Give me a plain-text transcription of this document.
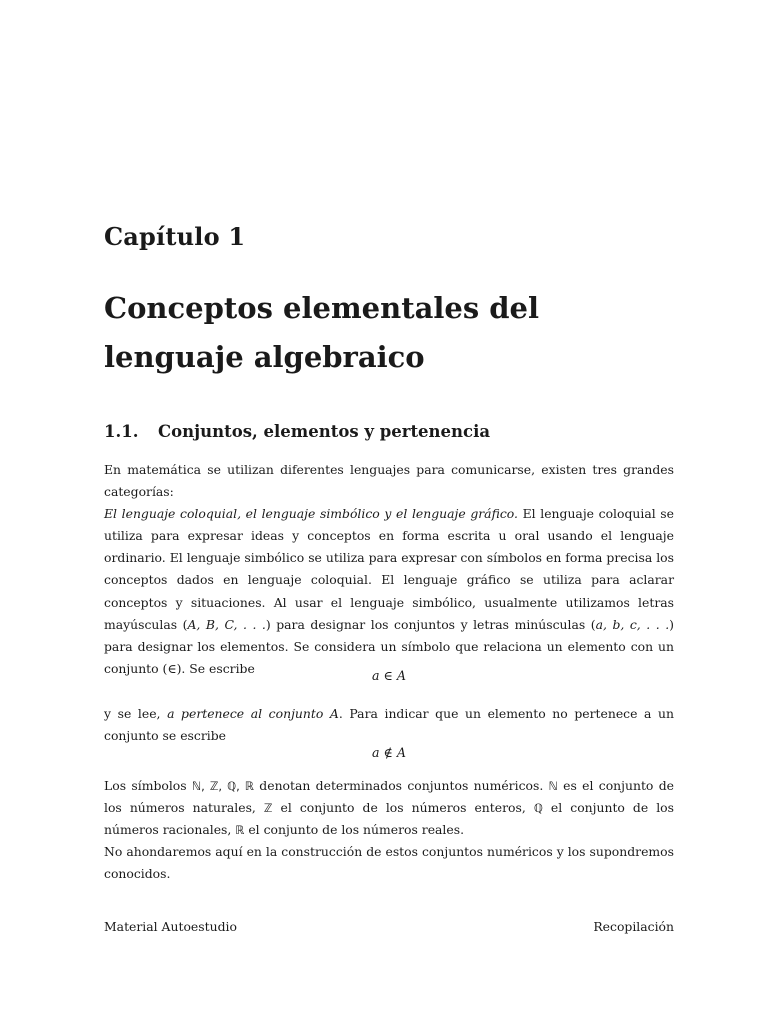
Capítulo 1
Conceptos elementales del lenguaje algebraico
1.1. Conjuntos, elementos y pertenencia

En matemática se utilizan diferentes lenguajes para comunicarse, existen tres grandes categorías:

El lenguaje coloquial, el lenguaje simbólico y el lenguaje gráfico. El lenguaje coloquial se utiliza para expresar ideas y conceptos en forma escrita u oral usando el lenguaje ordinario. El lenguaje simbólico se utiliza para expresar con símbolos en forma precisa los conceptos dados en lenguaje coloquial. El lenguaje gráfico se utiliza para aclarar conceptos y situaciones. Al usar el lenguaje simbólico, usualmente utilizamos letras mayúsculas (A, B, C, . . .) para designar los conjuntos y letras minúsculas (a, b, c, . . .) para designar los elementos. Se considera un símbolo que relaciona un elemento con un conjunto (∈). Se escribe	a ∈ A

y se lee, a pertenece al conjunto A. Para indicar que un elemento no pertenece a un conjunto se escribe

a ∉ A

Los símbolos ℕ, ℤ, ℚ, ℝ denotan determinados conjuntos numéricos. ℕ es el conjunto de los números naturales, ℤ el conjunto de los números enteros, ℚ el conjunto de los números racionales, ℝ el conjunto de los números reales.

No ahondaremos aquí en la construcción de estos conjuntos numéricos y los supondremos conocidos.

Material Autoestudio	Recopilación
